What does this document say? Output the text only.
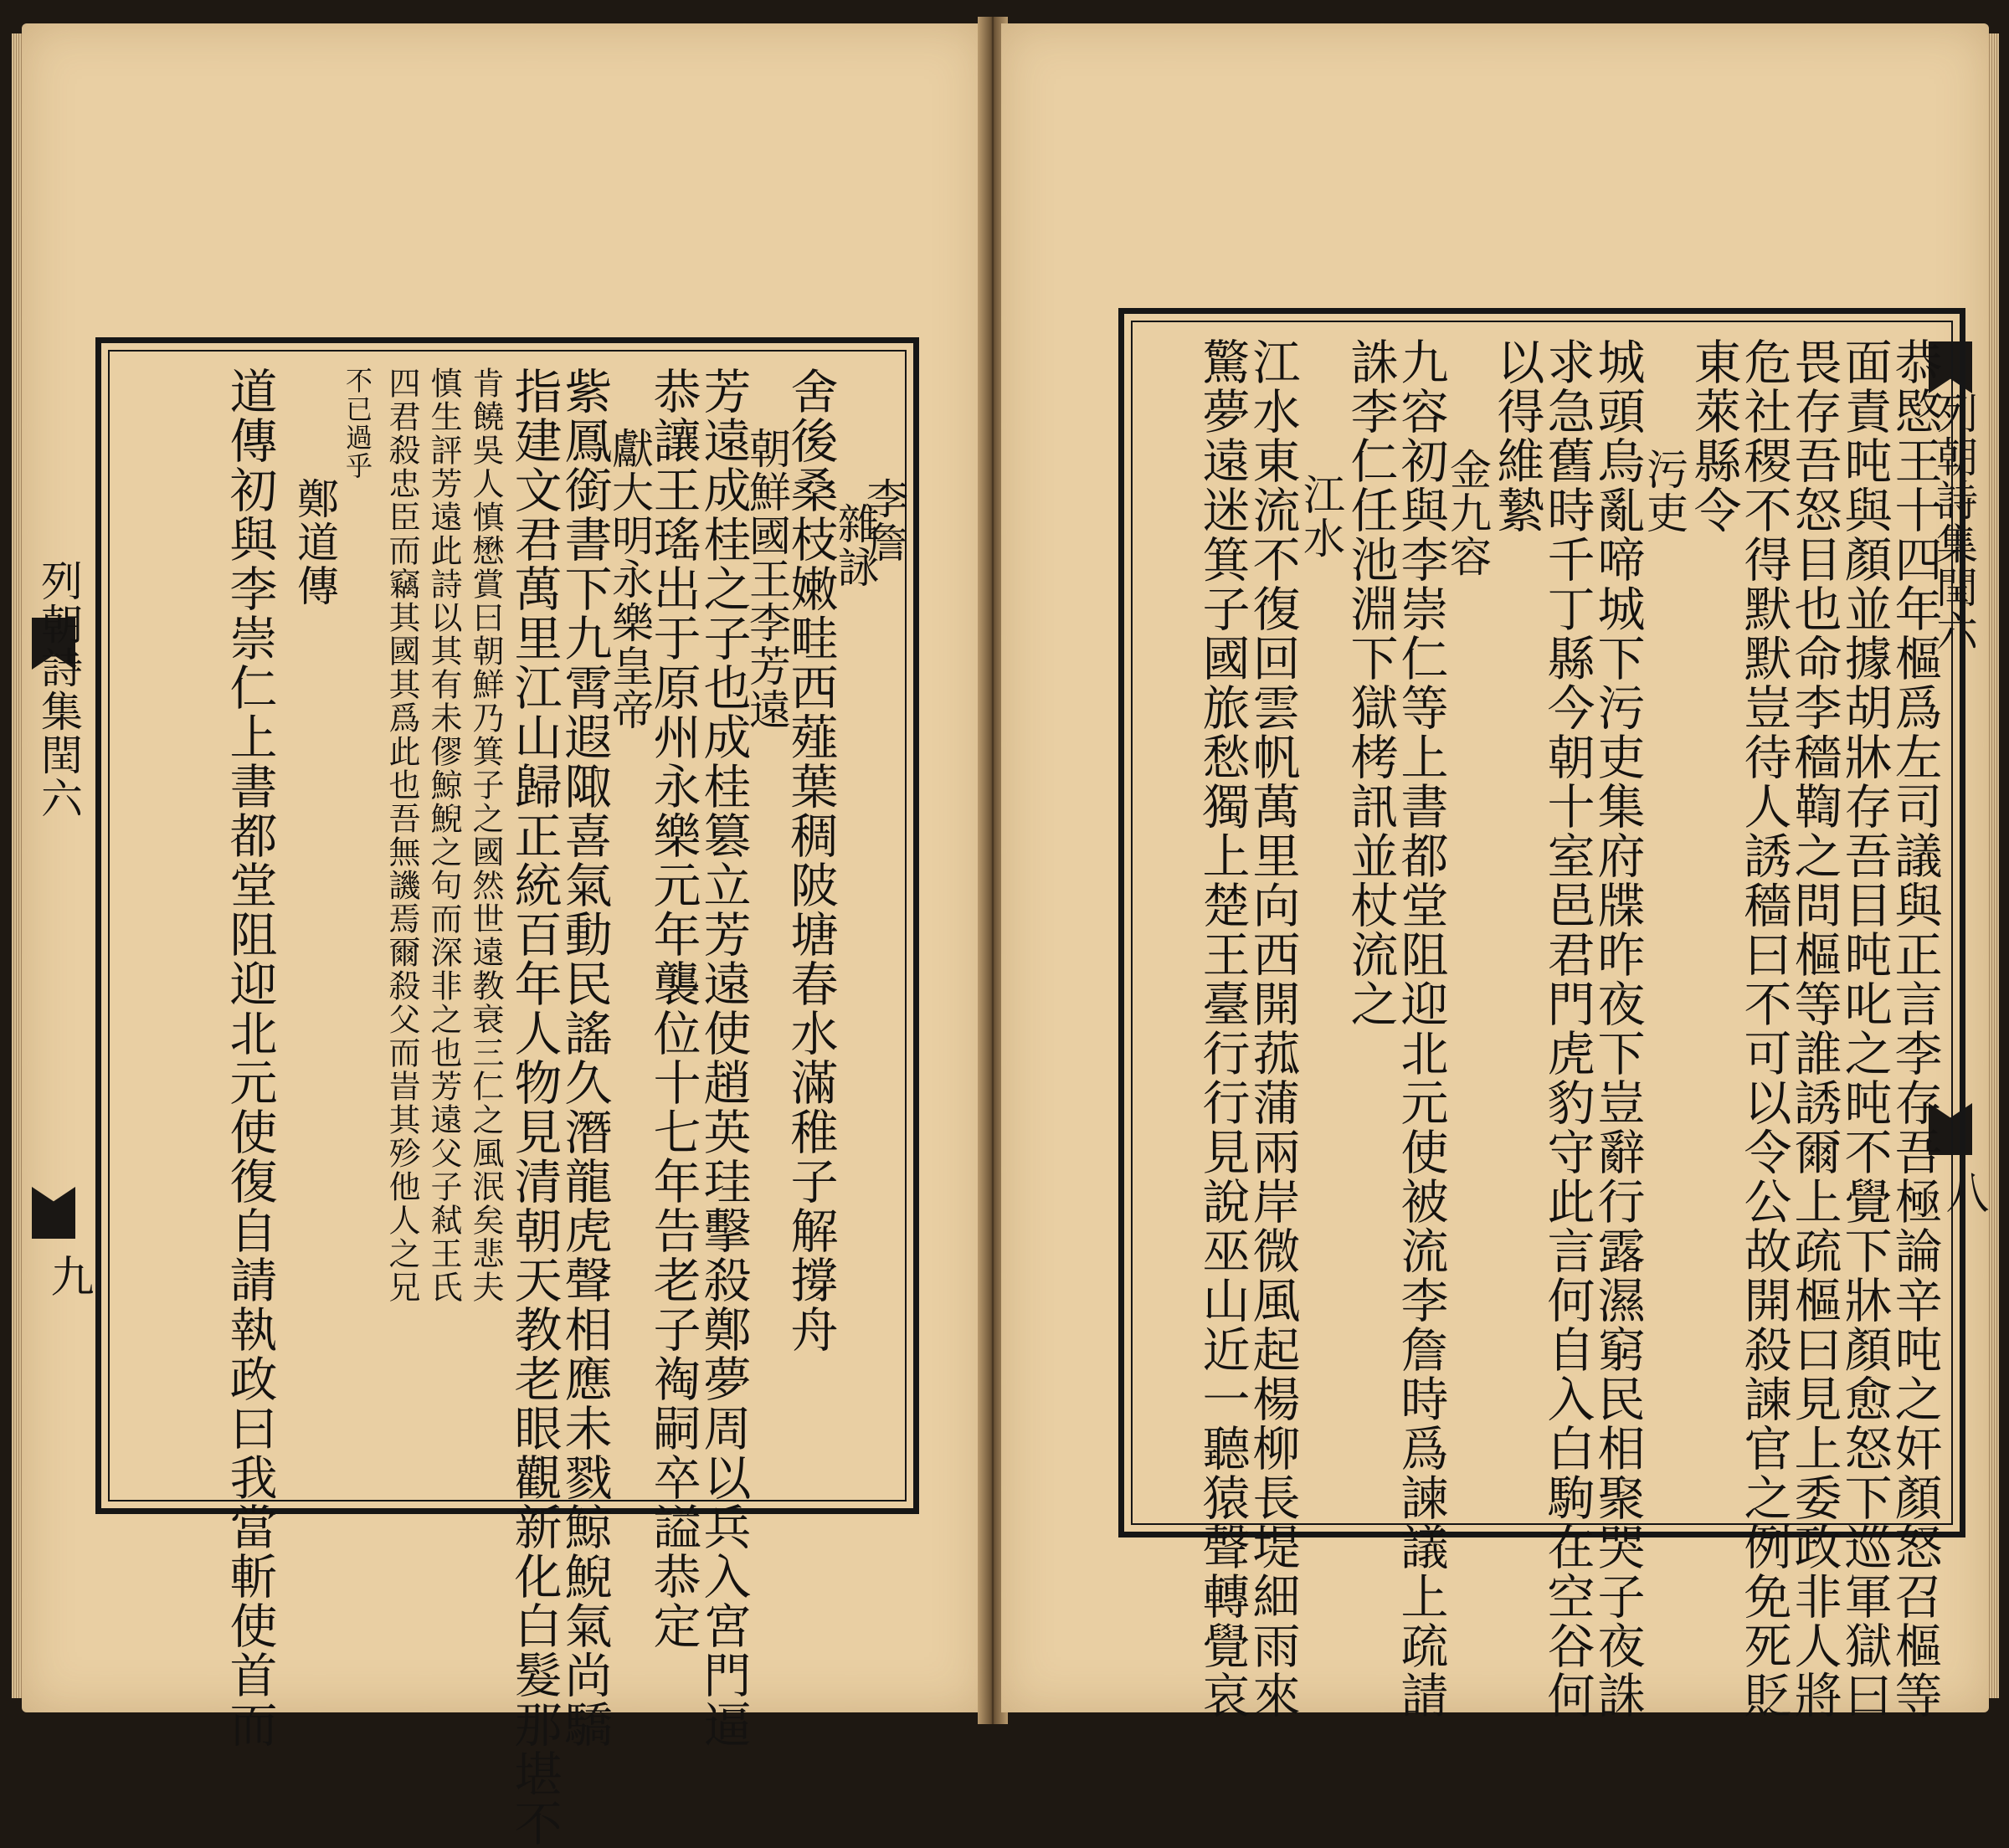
列朝詩集閏六
九
李詹
雜詠
舍後桑枝嫩畦西薤葉稠陂塘春水滿稚子解撐舟
朝鮮國王李芳遠
芳遠成桂之子也成桂篡立芳遠使趙英珪擊殺鄭夢周以兵入宮門逼
恭讓王瑤出于原州永樂元年襲位十七年告老子裪嗣卒謚恭定
獻大明永樂皇帝
紫鳳銜書下九霄遐陬喜氣動民謠久潛龍虎聲相應未戮鯨鯢氣尚驕
指建文君萬里江山歸正統百年人物見清朝天教老眼觀新化白髮那堪不
肯饒吳人慎懋賞曰朝鮮乃箕子之國然世遠教衰三仁之風泯矣悲夫
慎生評芳遠此詩以其有未僇鯨鯢之句而深非之也芳遠父子弒王氏
四君殺忠臣而竊其國其爲此也吾無譏焉爾殺父而旹其殄他人之兄
不已過乎
鄭道傳
道傳初與李崇仁上書都堂阻迎北元使復自請執政曰我當斬使首而	列朝詩集閏六
八
恭愍王十四年樞爲左司議與正言李存吾極論辛旽之奸顏怒召樞等
面責旽與顏並據胡牀存吾目旽叱之旽不覺下牀顏愈怒下巡軍獄曰
畏存吾怒目也命李穡鞫之問樞等誰誘爾上疏樞曰見上委政非人將
危社稷不得默默豈待人誘穡曰不可以令公故開殺諫官之例免死貶
東萊縣令
污吏
城頭烏亂啼城下污吏集府牒昨夜下豈辭行露濕窮民相聚哭子夜誅
求急舊時千丁縣今朝十室邑君門虎豹守此言何自入白駒在空谷何
以得維縶
金九容
九容初與李崇仁等上書都堂阻迎北元使被流李詹時爲諫議上疏請
誅李仁任池淵下獄栲訊並杖流之
江水
江水東流不復回雲帆萬里向西開菰蒲兩岸微風起楊柳長堤細雨來
驚夢遠迷箕子國旅愁獨上楚王臺行行見說巫山近一聽猿聲轉覺哀
